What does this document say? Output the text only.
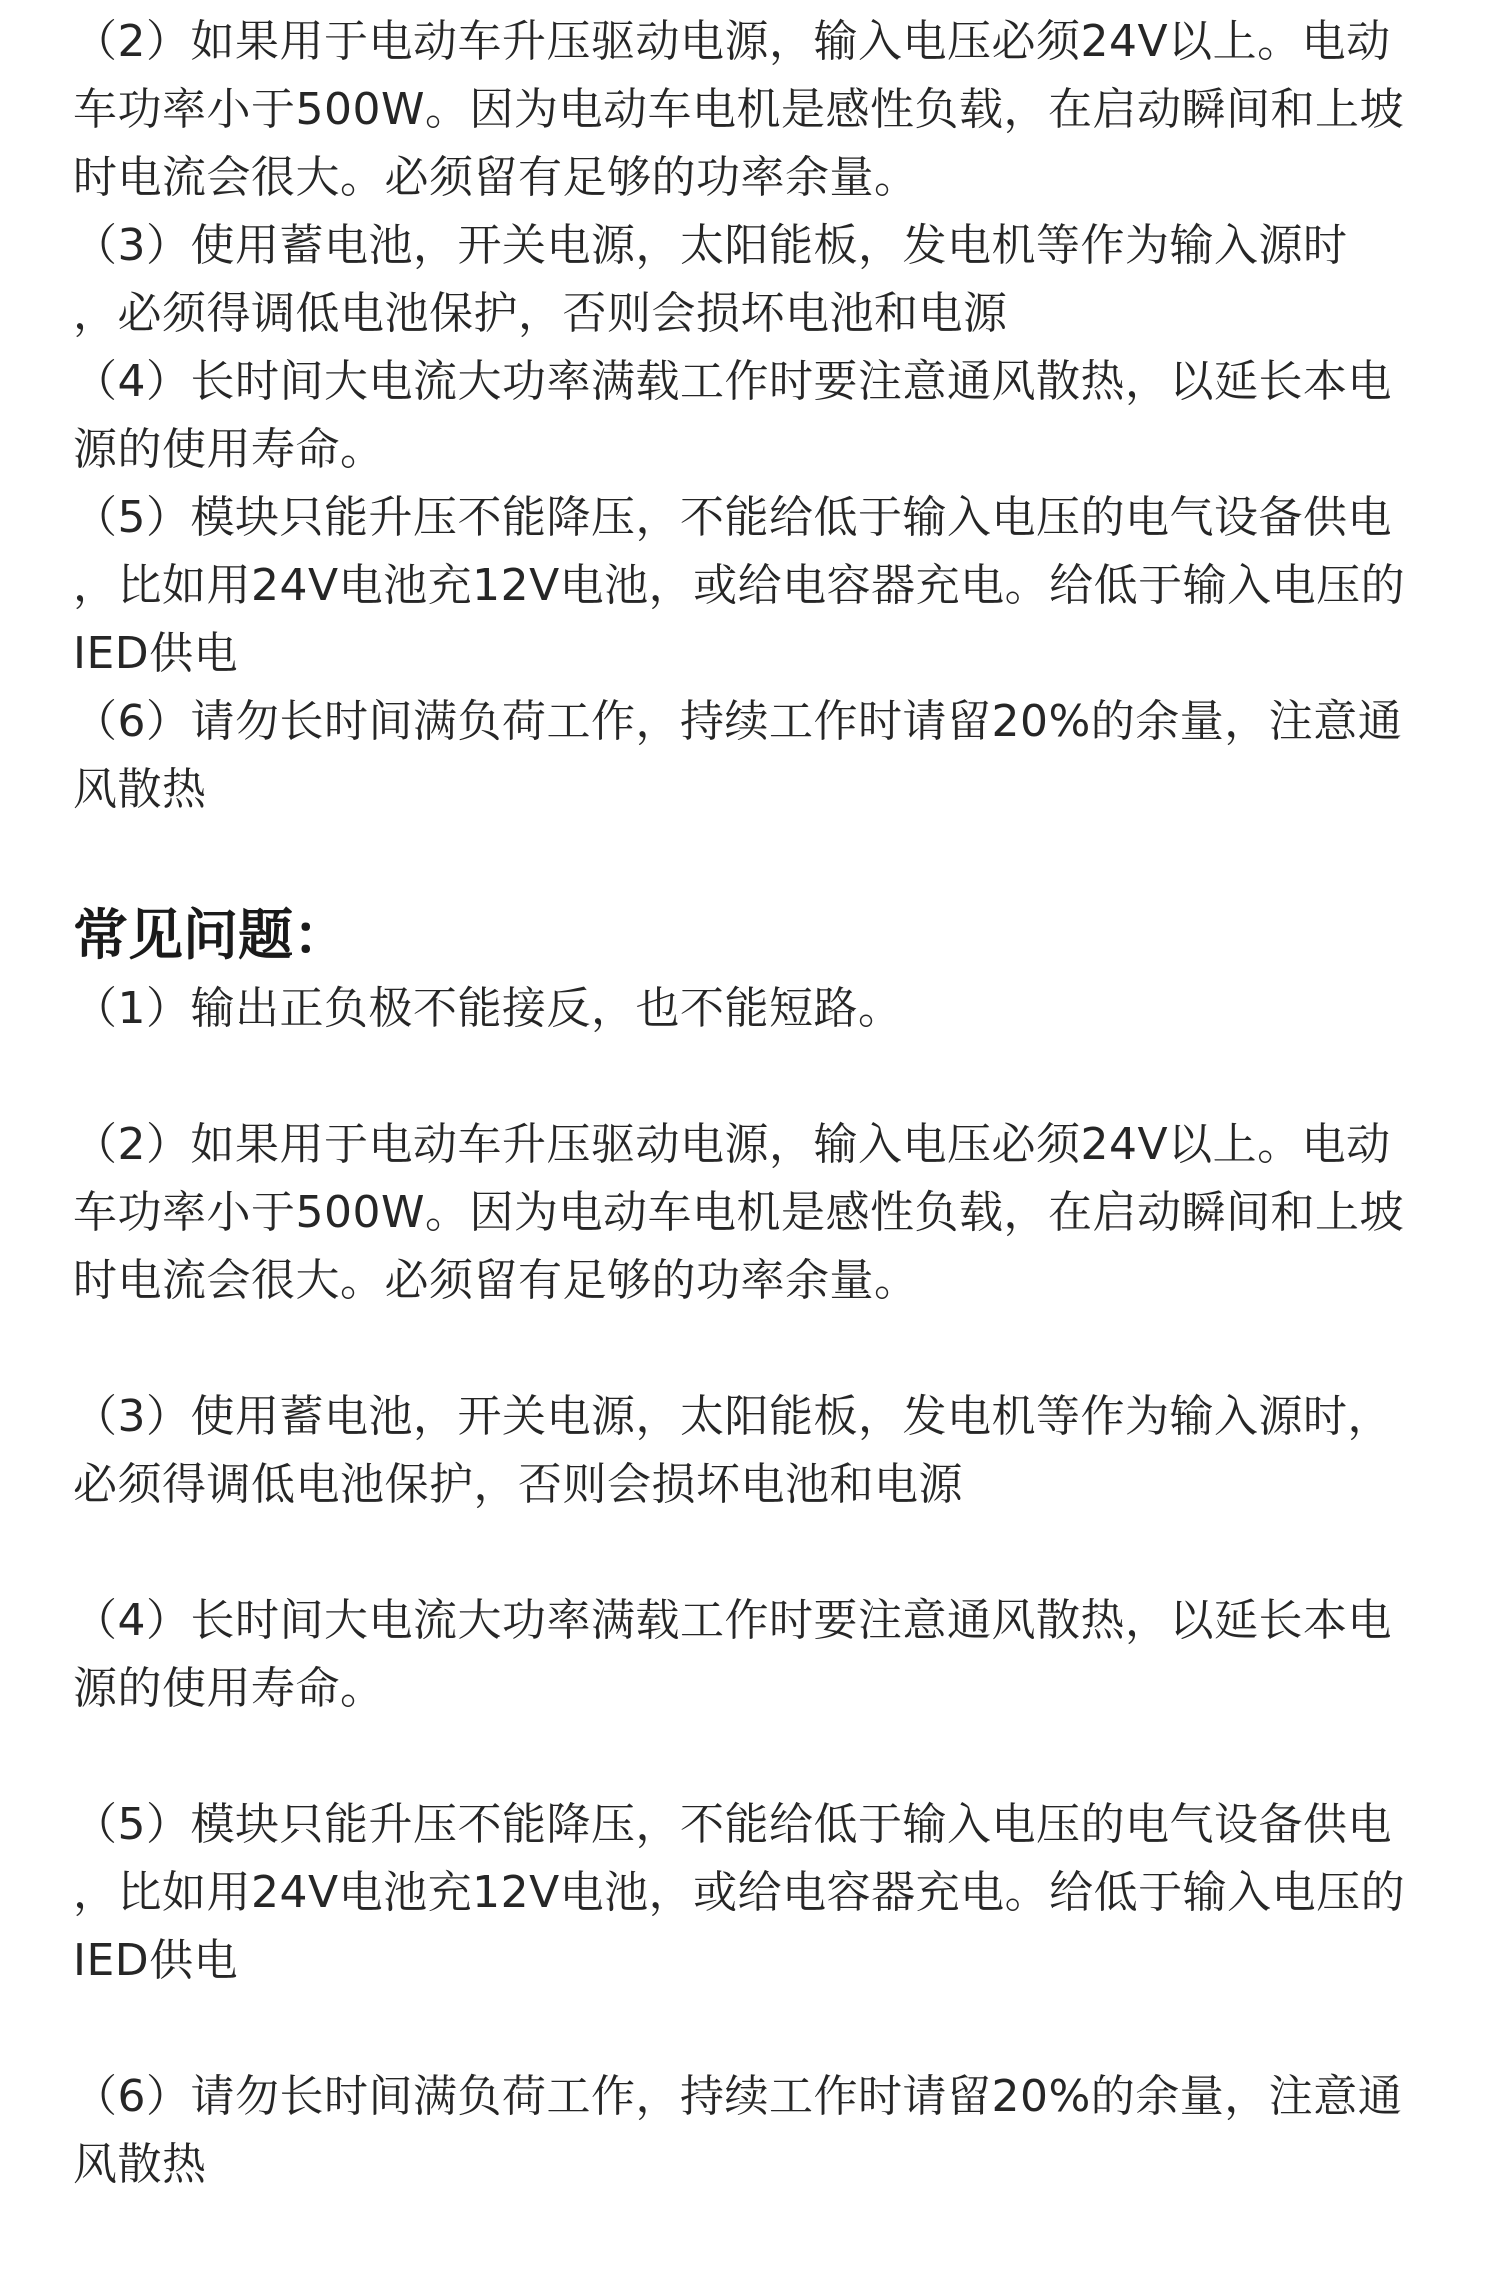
（2）如果用于电动车升压驱动电源，输入电压必须24V以上。电动
车功率小于500W。因为电动车电机是感性负载，在启动瞬间和上坡
时电流会很大。必须留有足够的功率余量。

（3）使用蓄电池，开关电源，太阳能板，发电机等作为输入源时
，必须得调低电池保护，否则会损坏电池和电源

（4）长时间大电流大功率满载工作时要注意通风散热，以延长本电
源的使用寿命。

（5）模块只能升压不能降压，不能给低于输入电压的电气设备供电
，比如用24V电池充12V电池，或给电容器充电。给低于输入电压的
IED供电

（6）请勿长时间满负荷工作，持续工作时请留20%的余量，注意通
风散热

常见问题：

（1）输出正负极不能接反，也不能短路。

（2）如果用于电动车升压驱动电源，输入电压必须24V以上。电动
车功率小于500W。因为电动车电机是感性负载，在启动瞬间和上坡
时电流会很大。必须留有足够的功率余量。

（3）使用蓄电池，开关电源，太阳能板，发电机等作为输入源时，
必须得调低电池保护，否则会损坏电池和电源

（4）长时间大电流大功率满载工作时要注意通风散热，以延长本电
源的使用寿命。

（5）模块只能升压不能降压，不能给低于输入电压的电气设备供电
，比如用24V电池充12V电池，或给电容器充电。给低于输入电压的
IED供电

（6）请勿长时间满负荷工作，持续工作时请留20%的余量，注意通
风散热
